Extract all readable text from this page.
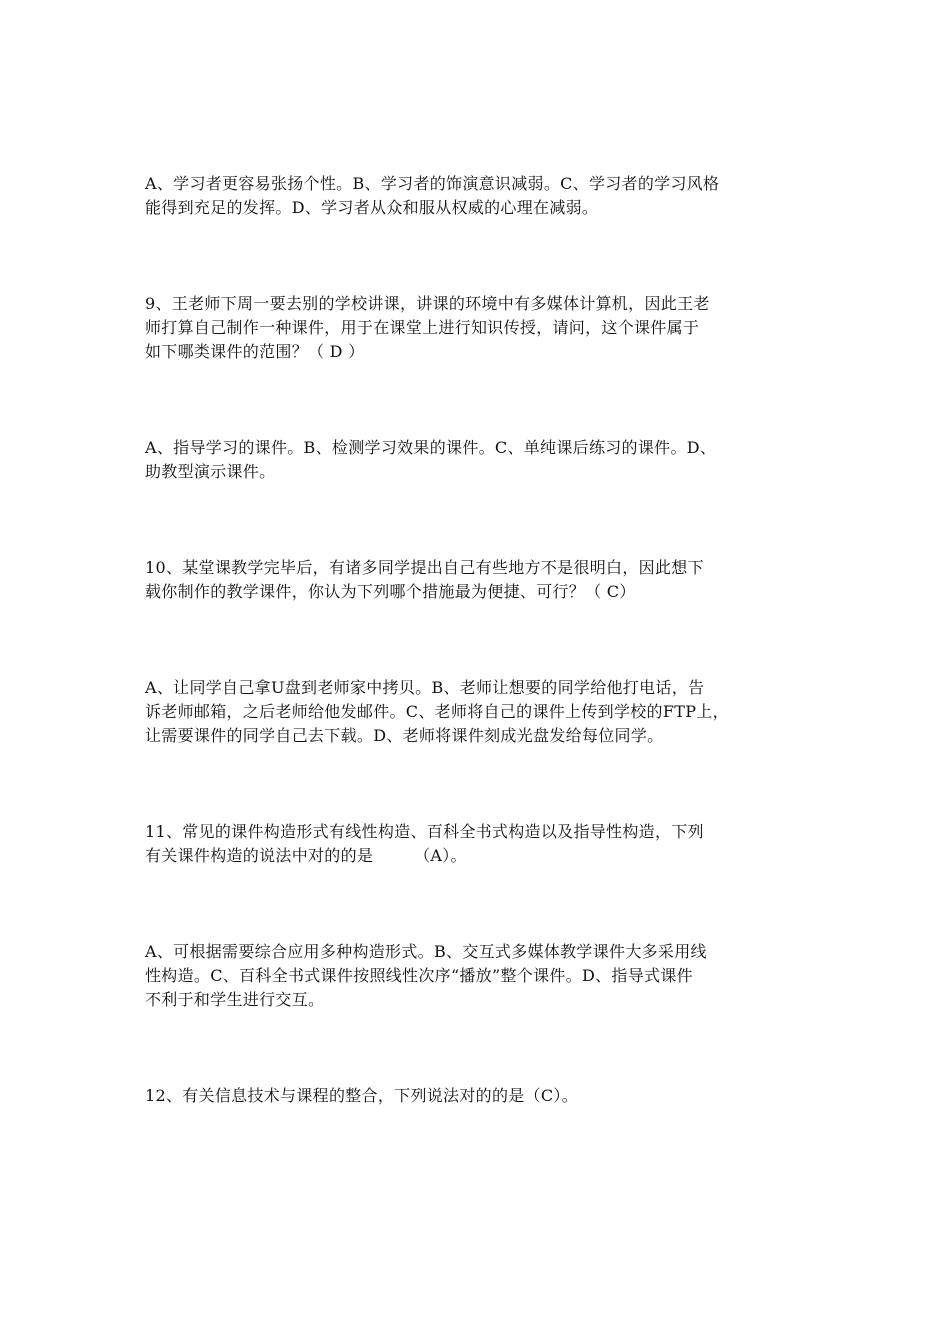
A、学习者更容易张扬个性。B、学习者的饰演意识减弱。C、学习者的学习风格
能得到充足的发挥。D、学习者从众和服从权威的心理在减弱。

9、王老师下周一要去别的学校讲课，讲课的环境中有多媒体计算机，因此王老
师打算自己制作一种课件，用于在课堂上进行知识传授，请问，这个课件属于
如下哪类课件的范围？（ D ）

A、指导学习的课件。B、检测学习效果的课件。C、单纯课后练习的课件。D、
助教型演示课件。

10、某堂课教学完毕后，有诸多同学提出自己有些地方不是很明白，因此想下
载你制作的教学课件，你认为下列哪个措施最为便捷、可行？（ C）

A、让同学自己拿U盘到老师家中拷贝。B、老师让想要的同学给他打电话，告
诉老师邮箱，之后老师给他发邮件。C、老师将自己的课件上传到学校的FTP上，
让需要课件的同学自己去下载。D、老师将课件刻成光盘发给每位同学。

11、常见的课件构造形式有线性构造、百科全书式构造以及指导性构造，下列
有关课件构造的说法中对的的是　　　（A）。

A、可根据需要综合应用多种构造形式。B、交互式多媒体教学课件大多采用线
性构造。C、百科全书式课件按照线性次序“播放”整个课件。D、指导式课件
不利于和学生进行交互。

12、有关信息技术与课程的整合，下列说法对的的是（C）。
